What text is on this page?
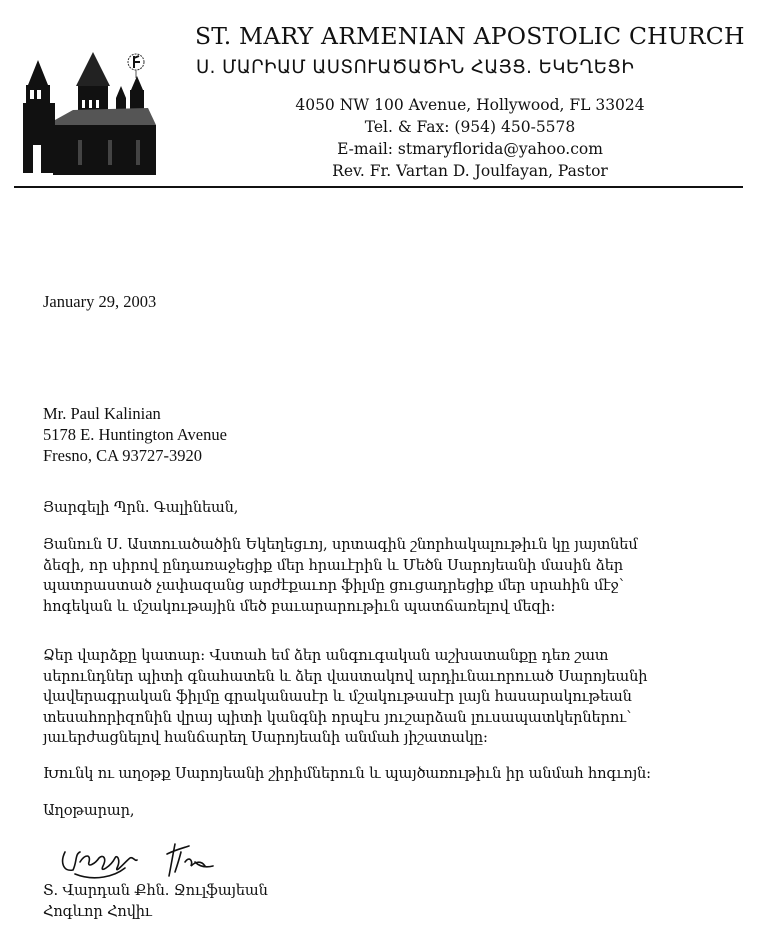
ST. MARY ARMENIAN APOSTOLIC CHURCH
Ս. ՄԱՐԻԱՄ ԱՍՏՈՒԱԾԱԾԻՆ ՀԱՅՑ. ԵԿԵՂԵՑԻ
4050 NW 100 Avenue, Hollywood, FL 33024
Tel. & Fax: (954) 450-5578
E-mail: stmaryflorida@yahoo.com
Rev. Fr. Vartan D. Joulfayan, Pastor
January 29, 2003
Mr. Paul Kalinian
5178 E. Huntington Avenue
Fresno, CA 93727-3920
Յարգելի Պրն. Գալինեան,
Յանուն Ս. Աստուածածին Եկեղեցւոյ, սրտագին շնորհակալութիւն կը յայտնեմ
ձեզի, որ սիրով ընդառաջեցիք մեր հրաւէրին և Մեծն Սարոյեանի մասին ձեր
պատրաստած չափազանց արժէքաւոր ֆիլմը ցուցադրեցիք մեր սրահին մէջ՝
հոգեկան և մշակութային մեծ բաւարարութիւն պատճառելով մեզի:
Ձեր վարձքը կատար: Վստահ եմ ձեր անգուգական աշխատանքը դեռ շատ
սերունդներ պիտի գնահատեն և ձեր վաստակով արդիւնաւորուած Սարոյեանի
վավերագրական ֆիլմը գրականասէր և մշակութասէր լայն հասարակութեան
տեսահորիզոնին վրայ պիտի կանգնի որպէս յուշարձան լուսապատկերներու՝
յաւերժացնելով հանճարեղ Սարոյեանի անմահ յիշատակը:
Խունկ ու աղօթք Սարոյեանի շիրիմներուն և պայծառութիւն իր անմահ հոգւոյն:
Աղօթարար,
Տ. Վարդան Քհն. Ջուլֆայեան
Հոգևոր Հովիւ
